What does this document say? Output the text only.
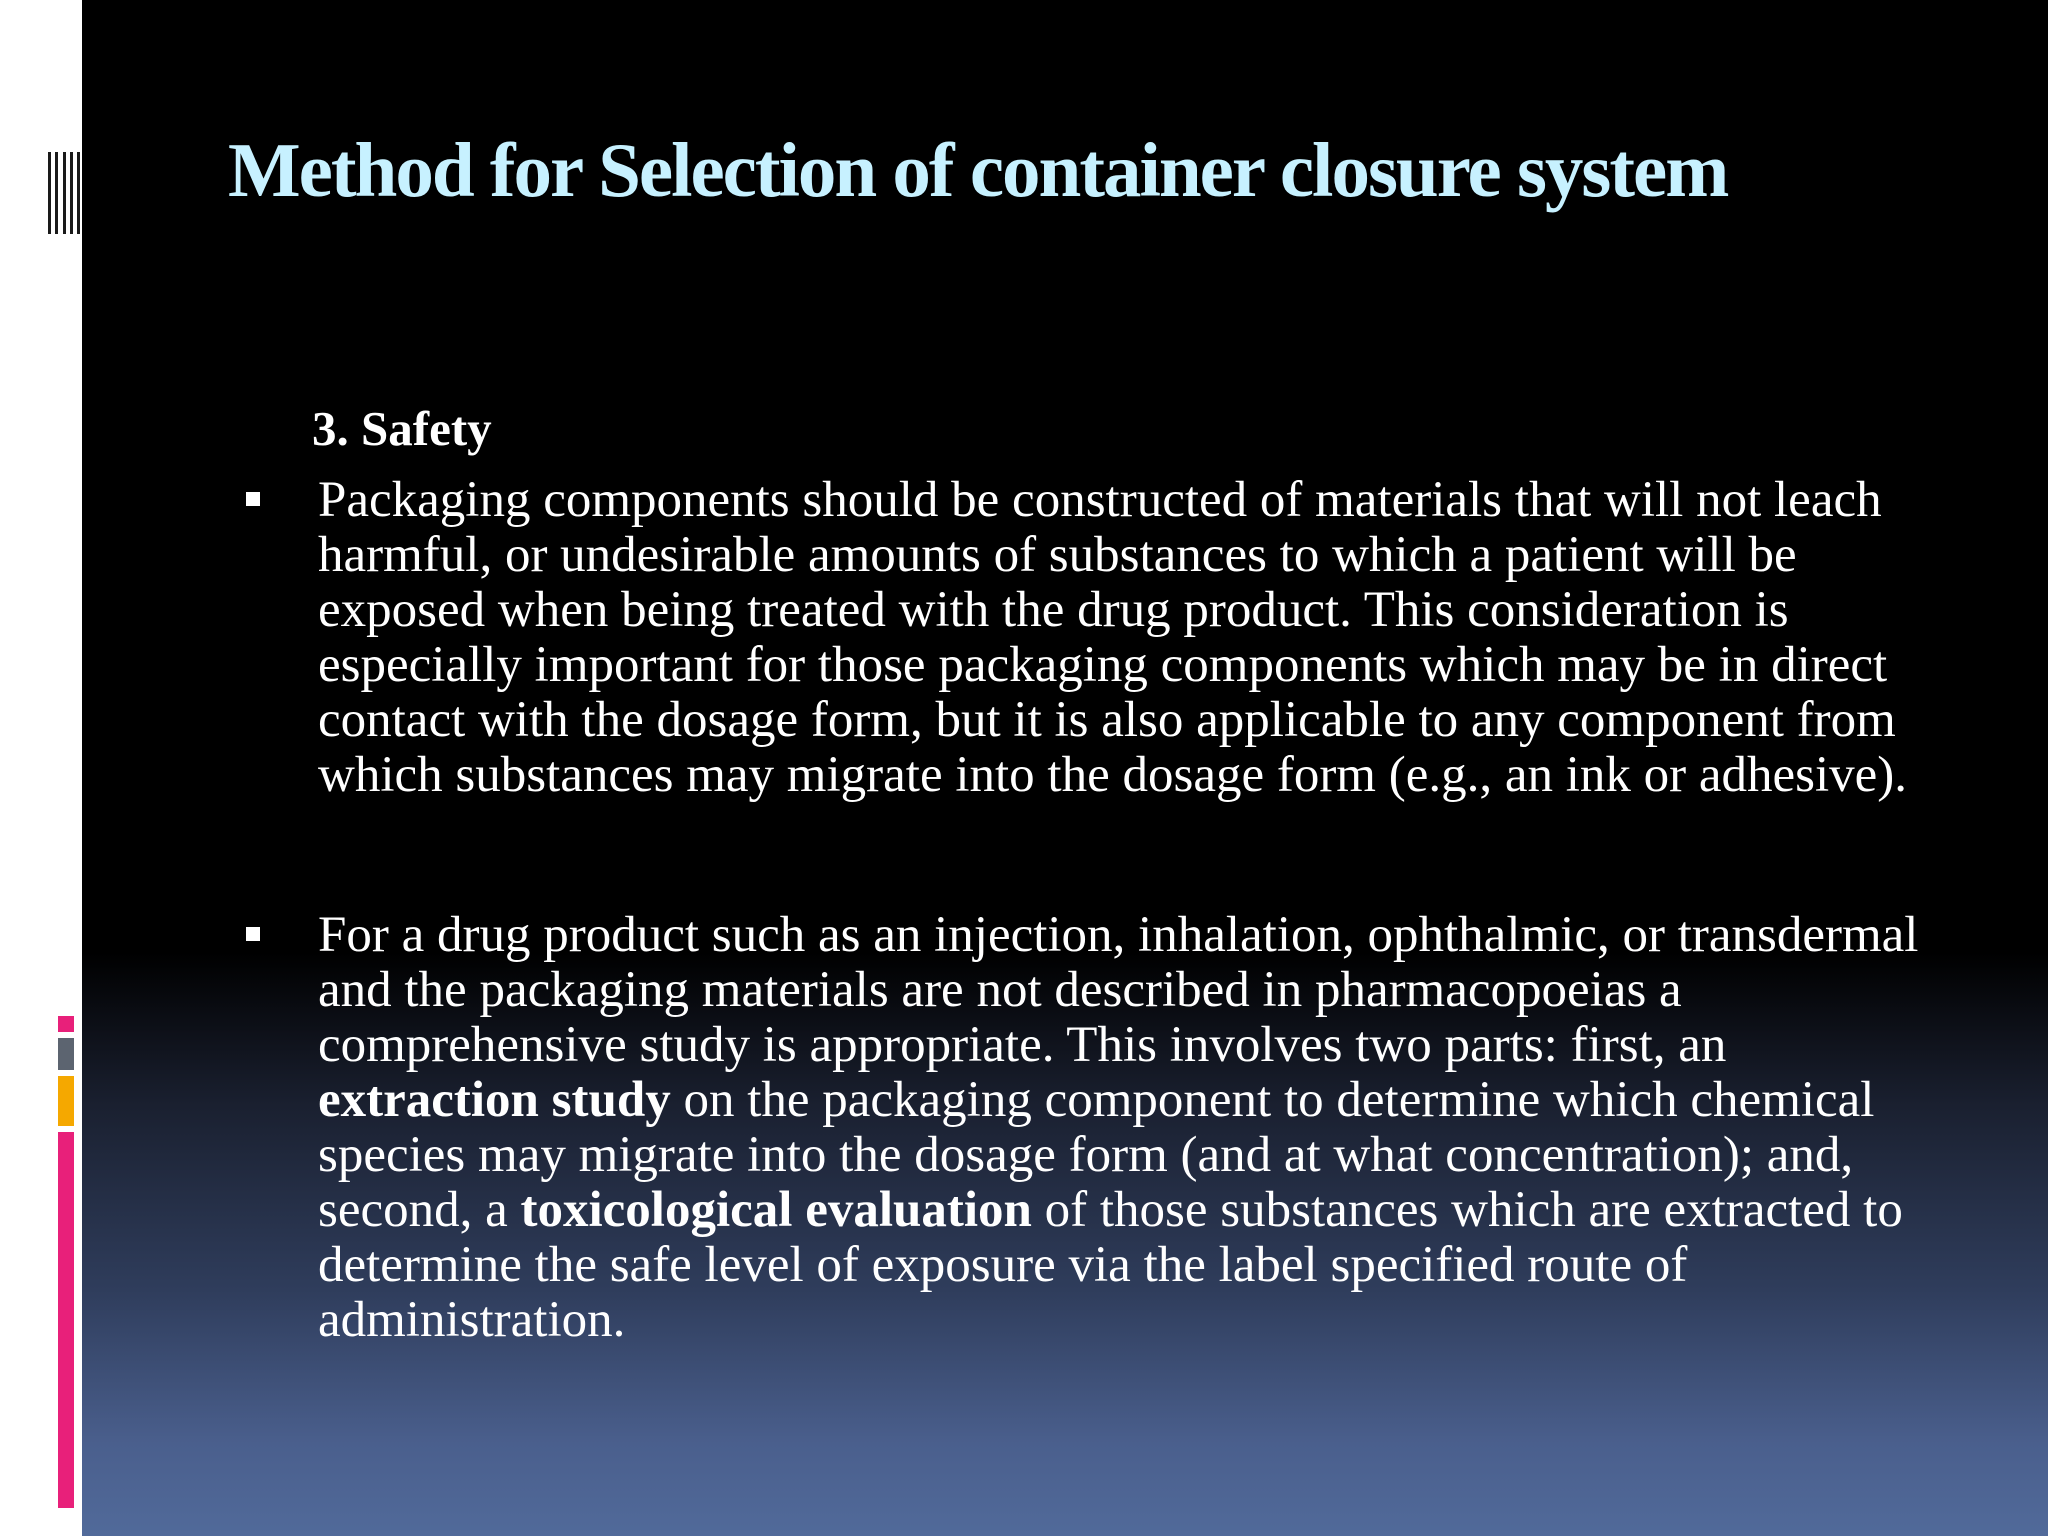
Method for Selection of container closure system
3. Safety

Packaging components should be constructed of materials that will not leach harmful, or undesirable amounts of substances to which a patient will be exposed when being treated with the drug product. This consideration is especially important for those packaging components which may be in direct contact with the dosage form, but it is also applicable to any component from which substances may migrate into the dosage form (e.g., an ink or adhesive).

For a drug product such as an injection, inhalation, ophthalmic, or transdermal and the packaging materials are not described in pharmacopoeias a comprehensive study is appropriate. This involves two parts: first, an extraction study on the packaging component to determine which chemical species may migrate into the dosage form (and at what concentration); and, second, a toxicological evaluation of those substances which are extracted to determine the safe level of exposure via the label specified route of administration.
